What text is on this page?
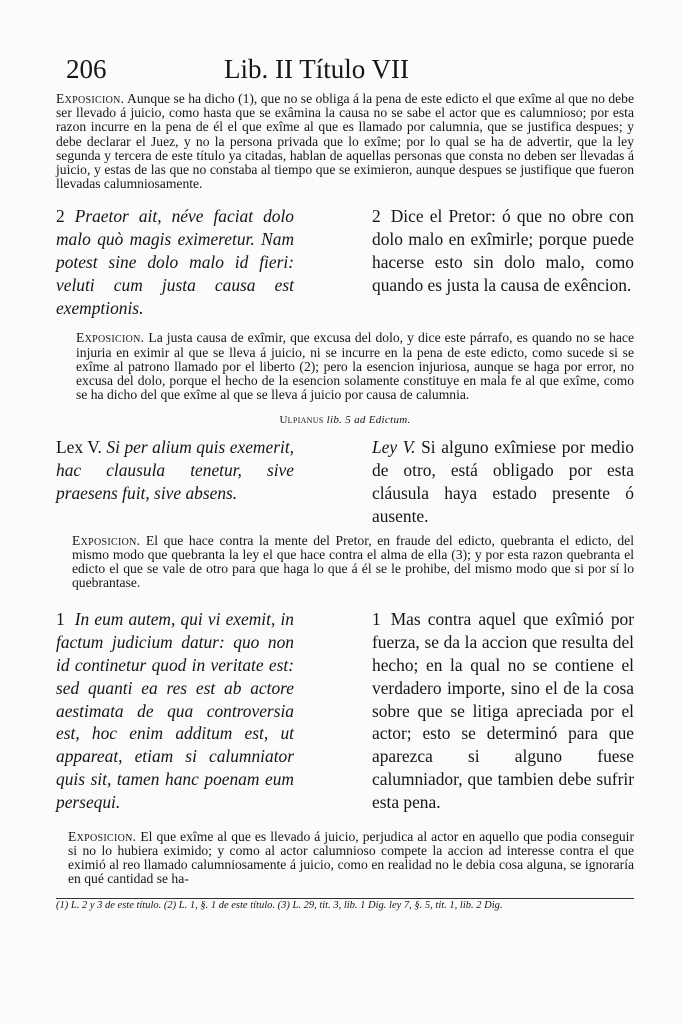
206	Lib. II Título VII

Exposicion. Aunque se ha dicho (1), que no se obliga á la pena de este edicto el que exîme al que no debe ser llevado á juicio, como hasta que se exâmina la causa no se sabe el actor que es calumnioso; por esta razon incurre en la pena de él el que exîme al que es llamado por calumnia, que se justifica despues; y debe declarar el Juez, y no la persona privada que lo exîme; por lo qual se ha de advertir, que la ley segunda y tercera de este título ya citadas, hablan de aquellas personas que consta no deben ser llevadas á juicio, y estas de las que no constaba al tiempo que se eximieron, aunque despues se justifique que fueron llevadas calumniosamente.

2 Praetor ait, néve faciat dolo malo quò magis eximeretur. Nam potest sine dolo malo id fieri: veluti cum justa causa est exemptionis.

2 Dice el Pretor: ó que no obre con dolo malo en exîmirle; porque puede hacerse esto sin dolo malo, como quando es justa la causa de exêncion.

Exposicion. La justa causa de exîmir, que excusa del dolo, y dice este párrafo, es quando no se hace injuria en eximir al que se lleva á juicio, ni se incurre en la pena de este edicto, como sucede si se exîme al patrono llamado por el liberto (2); pero la esencion injuriosa, aunque se haga por error, no excusa del dolo, porque el hecho de la esencion solamente constituye en mala fe al que exîme, como se ha dicho del que exîme al que se lleva á juicio por causa de calumnia.

Ulpianus lib. 5 ad Edictum.

Lex V. Si per alium quis exemerit, hac clausula tenetur, sive praesens fuit, sive absens.

Ley V. Si alguno exîmiese por medio de otro, está obligado por esta cláusula haya estado presente ó ausente.

Exposicion. El que hace contra la mente del Pretor, en fraude del edicto, quebranta el edicto, del mismo modo que quebranta la ley el que hace contra el alma de ella (3); y por esta razon quebranta el edicto el que se vale de otro para que haga lo que á él se le prohibe, del mismo modo que si por sí lo quebrantase.

1 In eum autem, qui vi exemit, in factum judicium datur: quo non id continetur quod in veritate est: sed quanti ea res est ab actore aestimata de qua controversia est, hoc enim additum est, ut appareat, etiam si calumniator quis sit, tamen hanc poenam eum persequi.

1 Mas contra aquel que exîmió por fuerza, se da la accion que resulta del hecho; en la qual no se contiene el verdadero importe, sino el de la cosa sobre que se litiga apreciada por el actor; esto se determinó para que aparezca si alguno fuese calumniador, que tambien debe sufrir esta pena.

Exposicion. El que exîme al que es llevado á juicio, perjudica al actor en aquello que podia conseguir si no lo hubiera eximido; y como al actor calumnioso compete la accion ad interesse contra el que eximió al reo llamado calumniosamente á juicio, como en realidad no le debia cosa alguna, se ignoraría en qué cantidad se ha-

(1) L. 2 y 3 de este título. (2) L. 1, §. 1 de este título. (3) L. 29, tit. 3, lib. 1 Dig. ley 7, §. 5, tit. 1, lib. 2 Dig.
